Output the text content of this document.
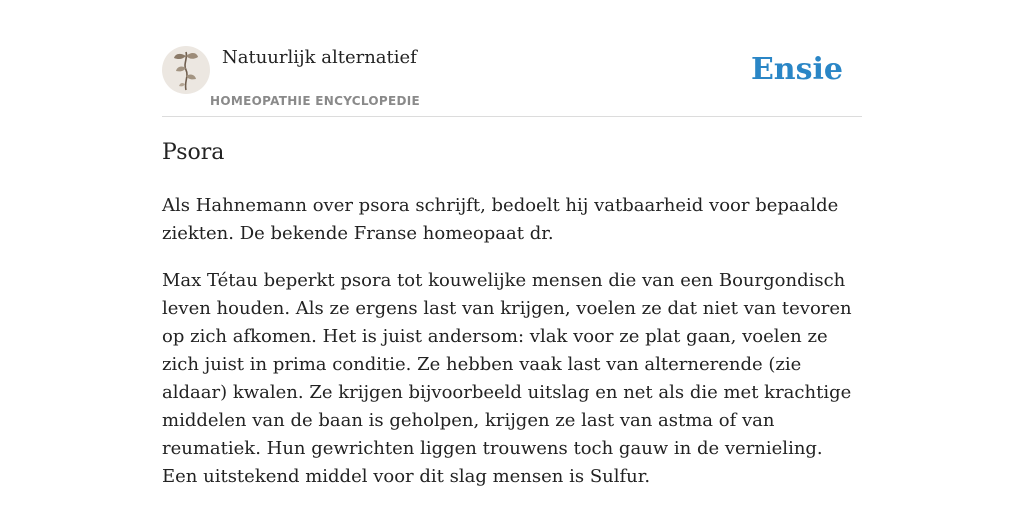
Natuurlijk alternatief
HOMEOPATHIE ENCYCLOPEDIE
Ensie
Psora

Als Hahnemann over psora schrijft, bedoelt hij vatbaarheid voor bepaalde ziekten. De bekende Franse homeopaat dr.

Max Tétau beperkt psora tot kouwelijke mensen die van een Bourgondisch leven houden. Als ze ergens last van krijgen, voelen ze dat niet van tevoren op zich afkomen. Het is juist andersom: vlak voor ze plat gaan, voelen ze zich juist in prima conditie. Ze hebben vaak last van alternerende (zie aldaar) kwalen. Ze krijgen bijvoorbeeld uitslag en net als die met krachtige middelen van de baan is geholpen, krijgen ze last van astma of van reumatiek. Hun gewrichten liggen trouwens toch gauw in de vernieling. Een uitstekend middel voor dit slag mensen is Sulfur.
